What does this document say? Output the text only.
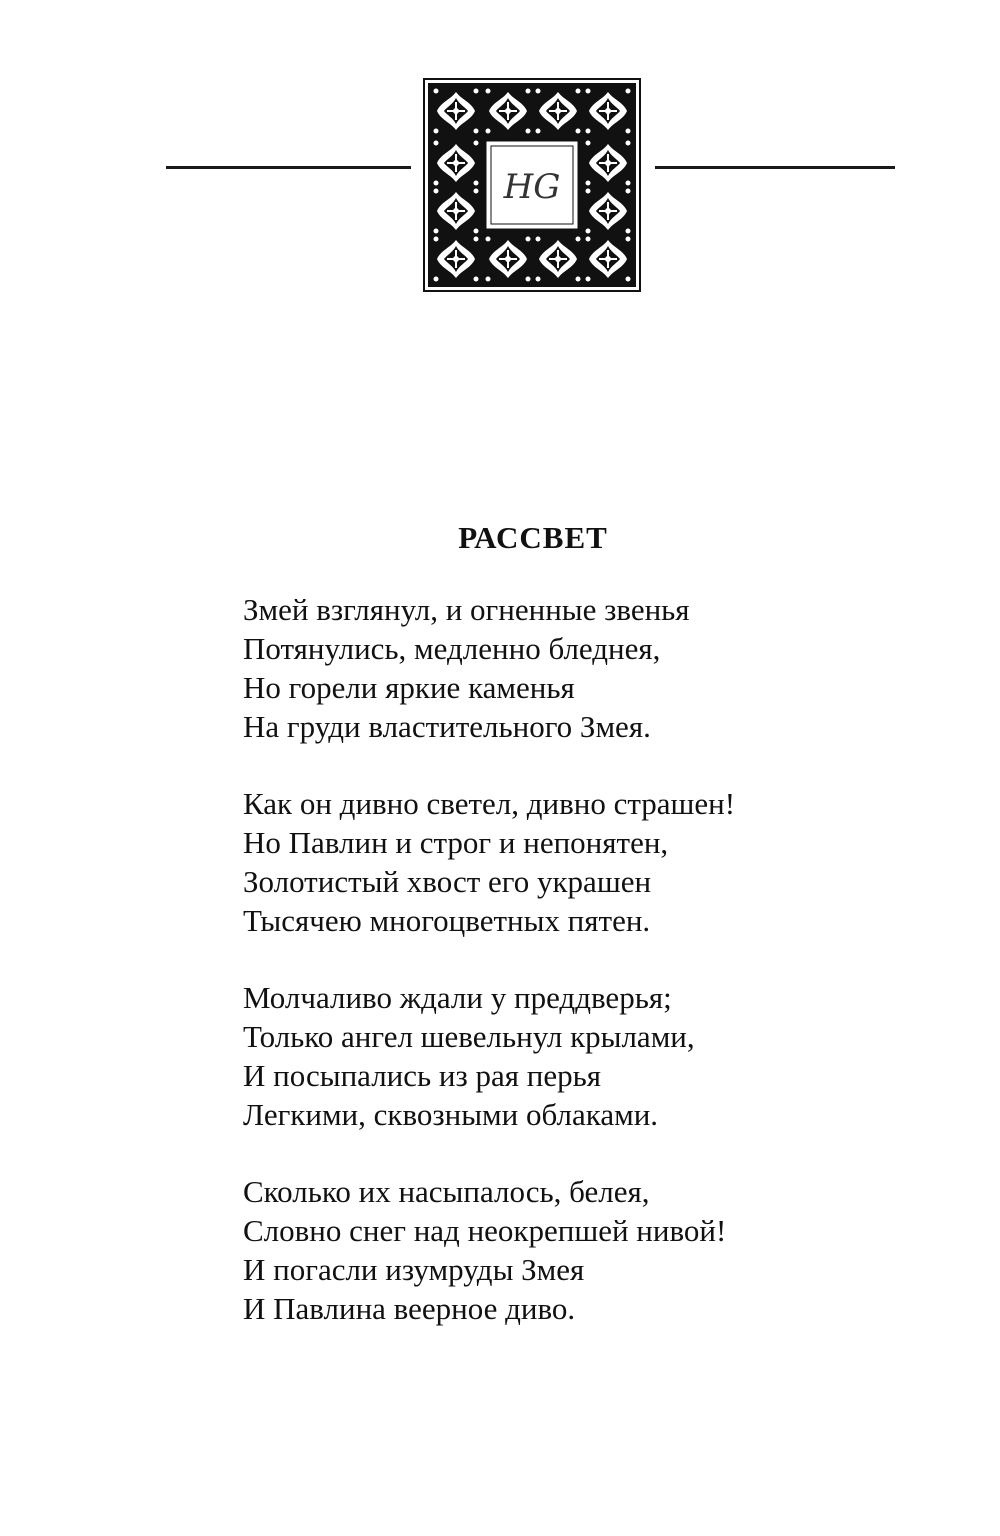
НG
РАССВЕТ
Змей взглянул, и огненные звенья
Потянулись, медленно бледнея,
Но горели яркие каменья
На груди властительного Змея.
Как он дивно светел, дивно страшен!
Но Павлин и строг и непонятен,
Золотистый хвост его украшен
Тысячею многоцветных пятен.
Молчаливо ждали у преддверья;
Только ангел шевельнул крылами,
И посыпались из рая перья
Легкими, сквозными облаками.
Сколько их насыпалось, белея,
Словно снег над неокрепшей нивой!
И погасли изумруды Змея
И Павлина веерное диво.
